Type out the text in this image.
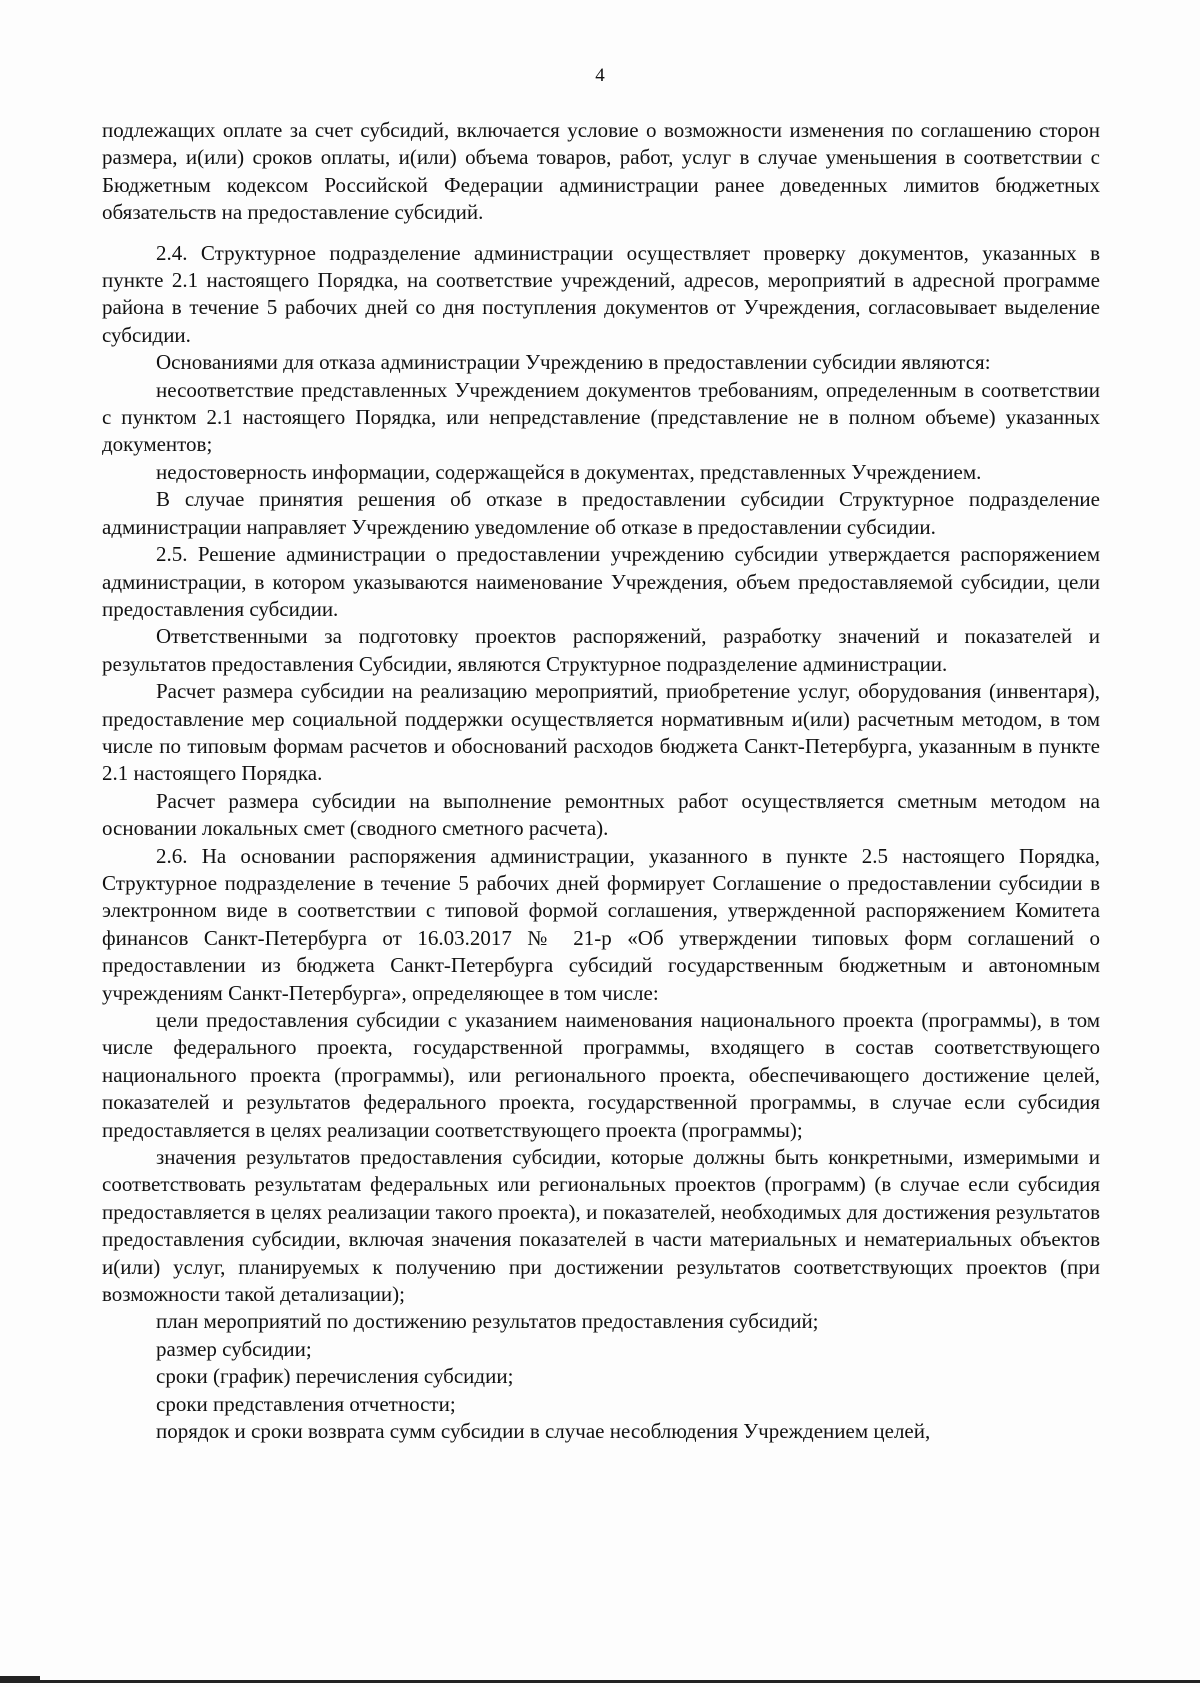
4

подлежащих оплате за счет субсидий, включается условие о возможности изменения по соглашению сторон размера, и(или) сроков оплаты, и(или) объема товаров, работ, услуг в случае уменьшения в соответствии с Бюджетным кодексом Российской Федерации администрации ранее доведенных лимитов бюджетных обязательств на предоставление субсидий.

2.4. Структурное подразделение администрации осуществляет проверку документов, указанных в пункте 2.1 настоящего Порядка, на соответствие учреждений, адресов, мероприятий в адресной программе района в течение 5 рабочих дней со дня поступления документов от Учреждения, согласовывает выделение субсидии.

Основаниями для отказа администрации Учреждению в предоставлении субсидии являются:

несоответствие представленных Учреждением документов требованиям, определенным в соответствии с пунктом 2.1 настоящего Порядка, или непредставление (представление не в полном объеме) указанных документов;

недостоверность информации, содержащейся в документах, представленных Учреждением.

В случае принятия решения об отказе в предоставлении субсидии Структурное подразделение администрации направляет Учреждению уведомление об отказе в предоставлении субсидии.

2.5. Решение администрации о предоставлении учреждению субсидии утверждается распоряжением администрации, в котором указываются наименование Учреждения, объем предоставляемой субсидии, цели предоставления субсидии.

Ответственными за подготовку проектов распоряжений, разработку значений и показателей и результатов предоставления Субсидии, являются Структурное подразделение администрации.

Расчет размера субсидии на реализацию мероприятий, приобретение услуг, оборудования (инвентаря), предоставление мер социальной поддержки осуществляется нормативным и(или) расчетным методом, в том числе по типовым формам расчетов и обоснований расходов бюджета Санкт-Петербурга, указанным в пункте 2.1 настоящего Порядка.

Расчет размера субсидии на выполнение ремонтных работ осуществляется сметным методом на основании локальных смет (сводного сметного расчета).

2.6. На основании распоряжения администрации, указанного в пункте 2.5 настоящего Порядка, Структурное подразделение в течение 5 рабочих дней формирует Соглашение о предоставлении субсидии в электронном виде в соответствии с типовой формой соглашения, утвержденной распоряжением Комитета финансов Санкт-Петербурга от 16.03.2017 № 21-р «Об утверждении типовых форм соглашений о предоставлении из бюджета Санкт-Петербурга субсидий государственным бюджетным и автономным учреждениям Санкт-Петербурга», определяющее в том числе:

цели предоставления субсидии с указанием наименования национального проекта (программы), в том числе федерального проекта, государственной программы, входящего в состав соответствующего национального проекта (программы), или регионального проекта, обеспечивающего достижение целей, показателей и результатов федерального проекта, государственной программы, в случае если субсидия предоставляется в целях реализации соответствующего проекта (программы);

значения результатов предоставления субсидии, которые должны быть конкретными, измеримыми и соответствовать результатам федеральных или региональных проектов (программ) (в случае если субсидия предоставляется в целях реализации такого проекта), и показателей, необходимых для достижения результатов предоставления субсидии, включая значения показателей в части материальных и нематериальных объектов и(или) услуг, планируемых к получению при достижении результатов соответствующих проектов (при возможности такой детализации);

план мероприятий по достижению результатов предоставления субсидий;

размер субсидии;

сроки (график) перечисления субсидии;

сроки представления отчетности;

порядок и сроки возврата сумм субсидии в случае несоблюдения Учреждением целей,
